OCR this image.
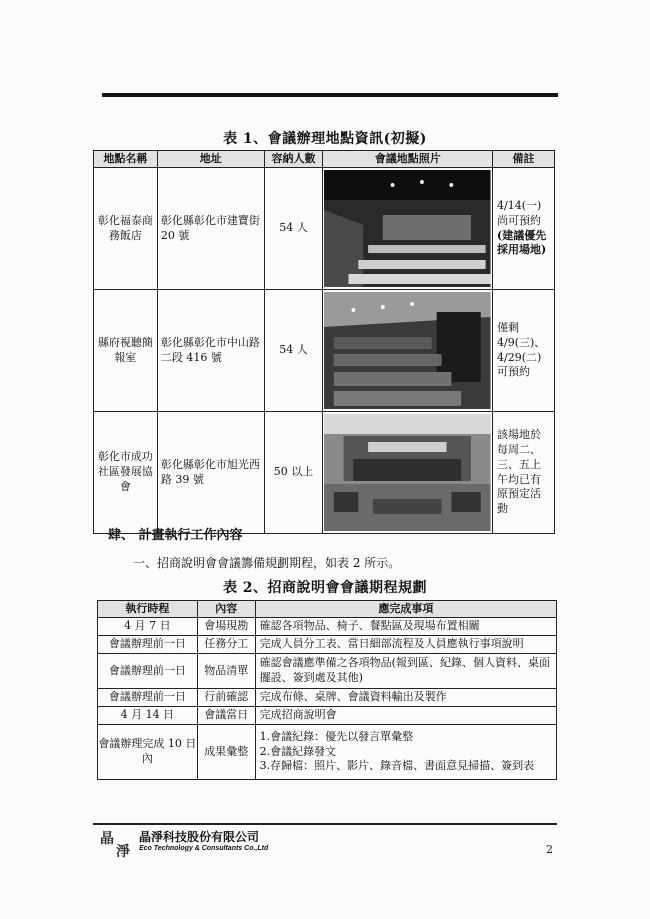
表 1、會議辦理地點資訊(初擬)
地點名稱	地址	容納人數	會議地點照片	備註
彰化福泰商務飯店	彰化縣彰化市建寶街 20 號	54 人		4/14(一)尚可預約
(建議優先採用場地)
縣府視聽簡報室	彰化縣彰化市中山路二段 416 號	54 人		僅剩 4/9(三)、4/29(二)可預約
彰化市成功社區發展協會	彰化縣彰化市旭光西路 39 號	50 以上		該場地於每周二、三、五上午均已有原預定活動
肆、 計畫執行工作內容
一、招商說明會會議籌備規劃期程，如表 2 所示。
表 2、招商說明會會議期程規劃
執行時程	內容	應完成事項
4 月 7 日	會場現勘	確認各項物品、椅子、餐點區及現場布置相關
會議辦理前一日	任務分工	完成人員分工表、當日細部流程及人員應執行事項說明
會議辦理前一日	物品清單	確認會議應準備之各項物品(報到區、紀錄、個人資料、桌面擺設、簽到處及其他)
會議辦理前一日	行前確認	完成布條、桌牌、會議資料輸出及製作
4 月 14 日	會議當日	完成招商說明會
會議辦理完成 10 日內	成果彙整	1.會議紀錄：優先以發言單彙整
2.會議紀錄發文
3.存歸檔：照片、影片、錄音檔、書面意見掃描、簽到表
晶
淨
晶淨科技股份有限公司
Eco Technology & Consultants Co.,Ltd	2
